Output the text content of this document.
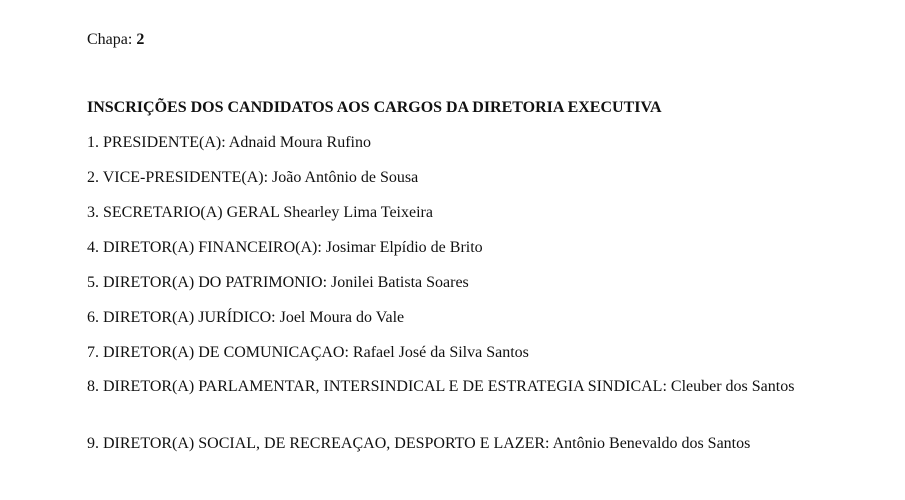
Chapa: 2
INSCRIÇÕES DOS CANDIDATOS AOS CARGOS DA DIRETORIA EXECUTIVA
1. PRESIDENTE(A): Adnaid Moura Rufino
2. VICE-PRESIDENTE(A): João Antônio de Sousa
3. SECRETARIO(A) GERAL Shearley Lima Teixeira
4. DIRETOR(A) FINANCEIRO(A): Josimar Elpídio de Brito
5. DIRETOR(A) DO PATRIMONIO: Jonilei Batista Soares
6. DIRETOR(A) JURÍDICO: Joel Moura do Vale
7. DIRETOR(A) DE COMUNICAÇAO: Rafael José da Silva Santos
8. DIRETOR(A) PARLAMENTAR, INTERSINDICAL E DE ESTRATEGIA SINDICAL: Cleuber dos Santos
9. DIRETOR(A) SOCIAL, DE RECREAÇAO, DESPORTO E LAZER: Antônio Benevaldo dos Santos
